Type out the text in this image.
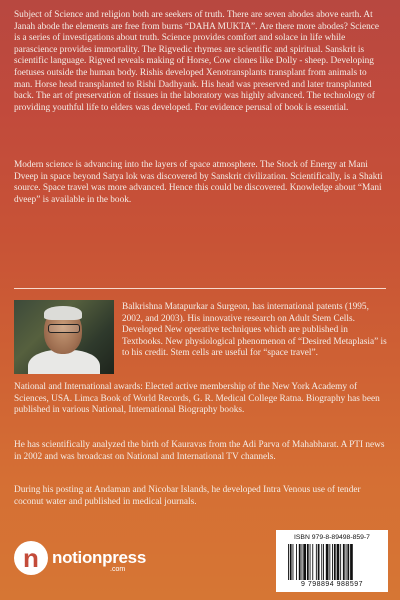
Subject of Science and religion both are seekers of truth. There are seven abodes above earth. At Janah abode the elements are free from burns “DAHA MUKTA”. Are there more abodes? Science is a series of investigations about truth. Science provides comfort and solace in life while parascience provides immortality. The Rigvedic rhymes are scientific and spiritual. Sanskrit is scientific language. Rigved reveals making of Horse, Cow clones like Dolly - sheep. Developing foetuses outside the human body. Rishis developed Xenotransplants transplant from animals to man. Horse head transplanted to Rishi Dadhyank. His head was preserved and later transplanted back. The art of preservation of tissues in the laboratory was highly advanced. The technology of providing youthful life to elders was developed. For evidence perusal of book is essential.

Modern science is advancing into the layers of space atmosphere. The Stock of Energy at Mani Dveep in space beyond Satya lok was discovered by Sanskrit civilization. Scientifically, is a Shakti source. Space travel was more advanced. Hence this could be discovered. Knowledge about “Mani dveep” is available in the book.

Balkrishna Matapurkar a Surgeon, has international patents (1995, 2002, and 2003). His innovative research on Adult Stem Cells. Developed New operative techniques which are published in Textbooks. New physiological phenomenon of “Desired Metaplasia” is to his credit. Stem cells are useful for “space travel”.

National and International awards: Elected active membership of the New York Academy of Sciences, USA. Limca Book of World Records, G. R. Medical College Ratna. Biography has been published in various National, International Biography books.

He has scientifically analyzed the birth of Kauravas from the Adi Parva of Mahabharat. A PTI news in 2002 and was broadcast on National and International TV channels.

During his posting at Andaman and Nicobar Islands, he developed Intra Venous use of tender coconut water and published in medical journals.

n notionpress
.com
ISBN 979-8-89498-859-7
9 798894 988597
